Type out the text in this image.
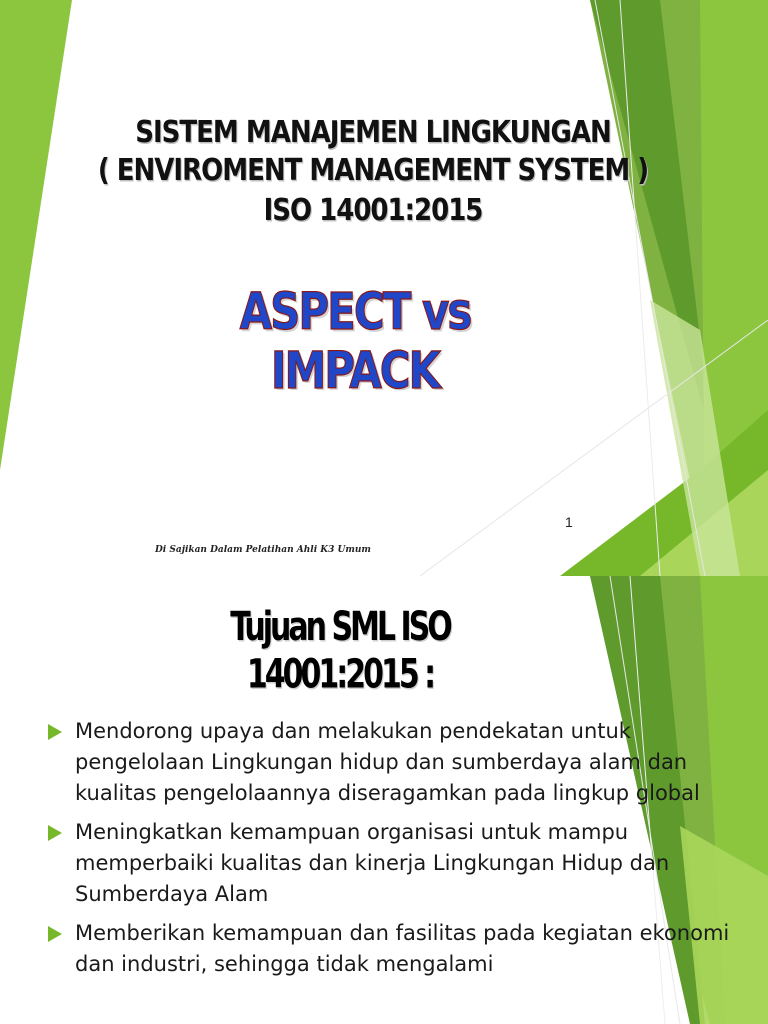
SISTEM MANAJEMEN LINGKUNGAN
( ENVIROMENT MANAGEMENT SYSTEM )
ISO 14001:2015
ASPECT vs IMPACK
1
Di Sajikan Dalam Pelatihan Ahli K3 Umum
Tujuan SML ISO 14001:2015 :
Mendorong upaya dan melakukan pendekatan untuk pengelolaan Lingkungan hidup dan sumberdaya alam dan kualitas pengelolaannya diseragamkan pada lingkup global
Meningkatkan kemampuan organisasi untuk mampu memperbaiki kualitas dan kinerja Lingkungan Hidup dan Sumberdaya Alam
Memberikan kemampuan dan fasilitas pada kegiatan ekonomi dan industri, sehingga tidak mengalami
